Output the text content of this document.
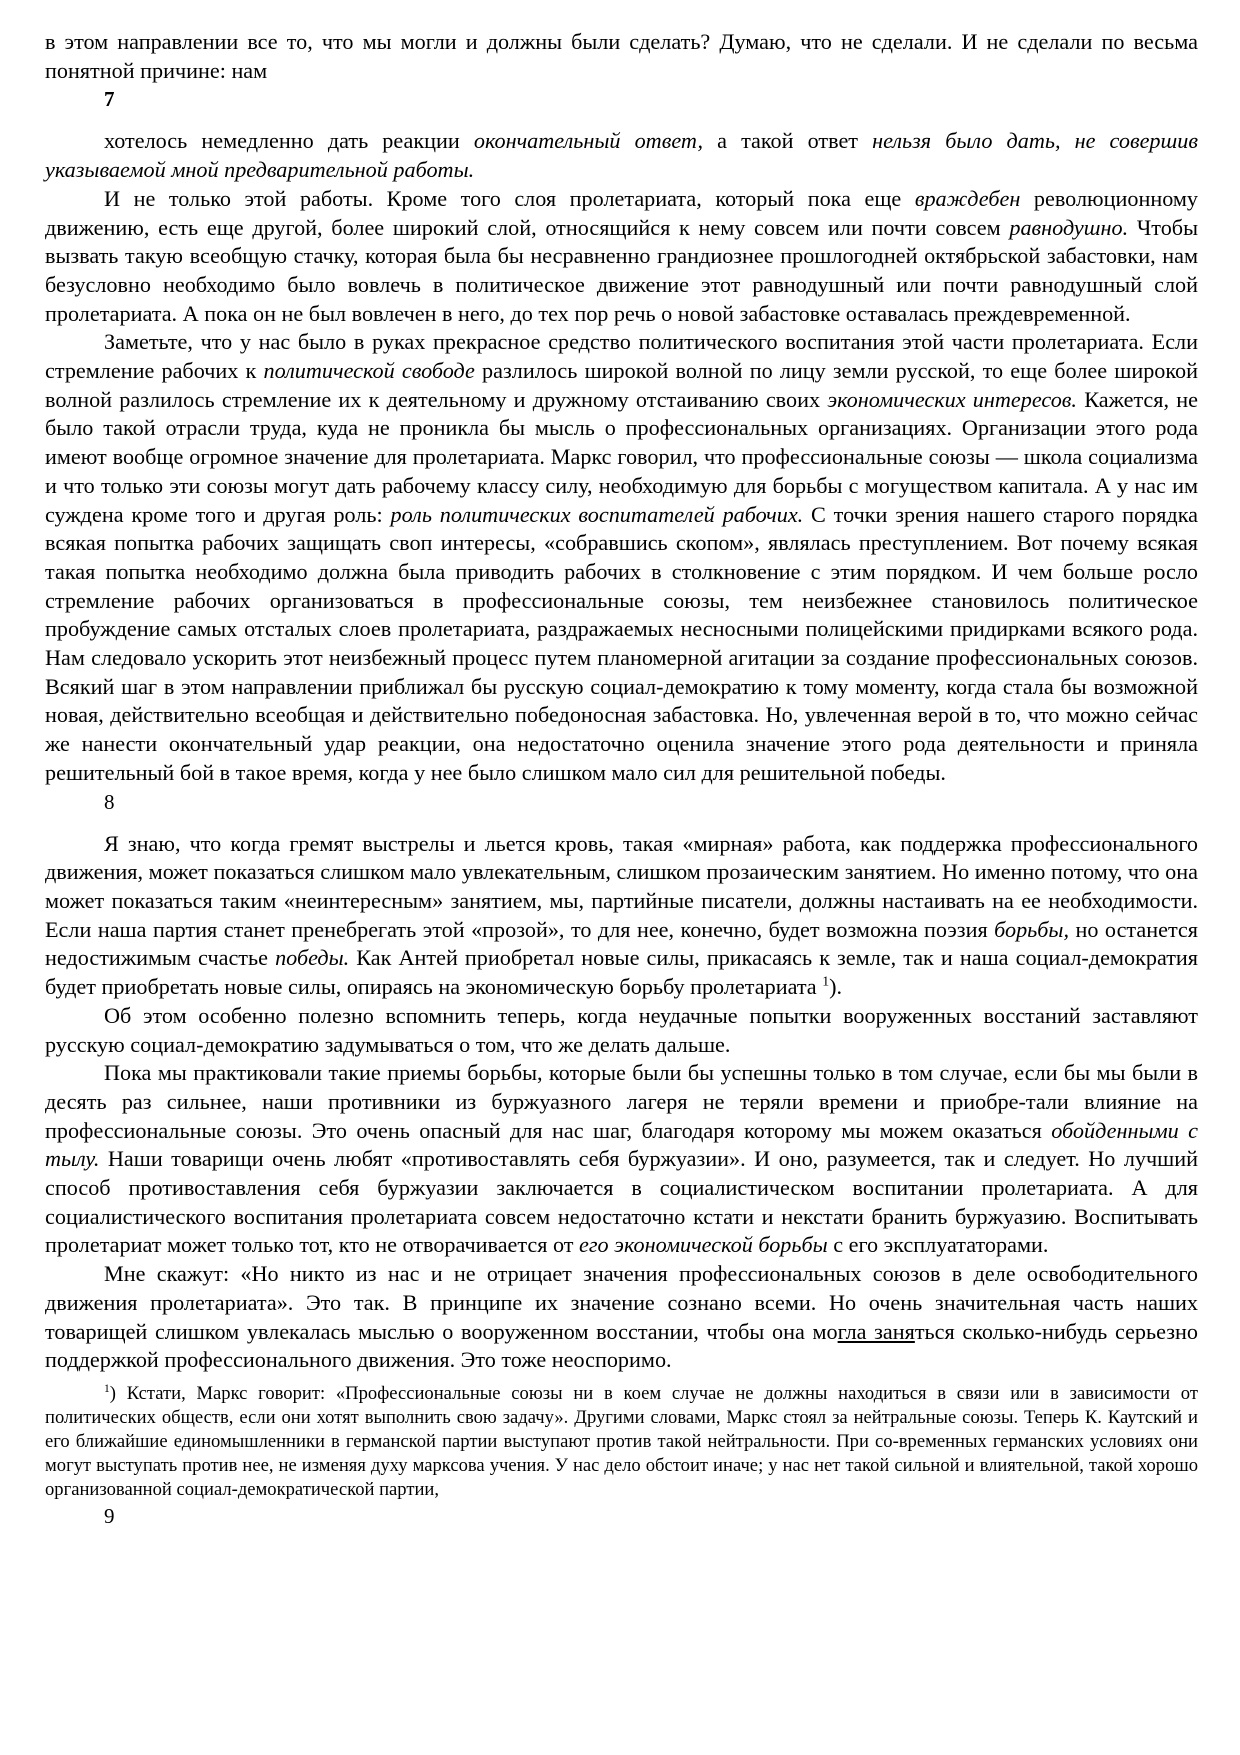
в этом направлении все то, что мы могли и должны были сделать? Думаю, что не сделали. И не сделали по весьма понятной причине: нам

7

хотелось немедленно дать реакции окончательный ответ, а такой ответ нельзя было дать, не совершив указываемой мной предварительной работы.

И не только этой работы. Кроме того слоя пролетариата, который пока еще враждебен революционному движению, есть еще другой, более широкий слой, относящийся к нему совсем или почти совсем равнодушно. Чтобы вызвать такую всеобщую стачку, которая была бы несравненно грандиознее прошлогодней октябрьской забастовки, нам безусловно необходимо было вовлечь в политическое движение этот равнодушный или почти равнодушный слой пролетариата. А пока он не был вовлечен в него, до тех пор речь о новой забастовке оставалась преждевременной.

Заметьте, что у нас было в руках прекрасное средство политического воспитания этой части пролетариата. Если стремление рабочих к политической свободе разлилось широкой волной по лицу земли русской, то еще более широкой волной разлилось стремление их к деятельному и дружному отстаиванию своих экономических интересов. Кажется, не было такой отрасли труда, куда не проникла бы мысль о профессиональных организациях. Организации этого рода имеют вообще огромное значение для пролетариата. Маркс говорил, что профессиональные союзы — школа социализма и что только эти союзы могут дать рабочему классу силу, необходимую для борьбы с могуществом капитала. А у нас им суждена кроме того и другая роль: роль политических воспитателей рабочих. С точки зрения нашего старого порядка всякая попытка рабочих защищать своп интересы, «собравшись скопом», являлась преступлением. Вот почему всякая такая попытка необходимо должна была приводить рабочих в столкновение с этим порядком. И чем больше росло стремление рабочих организоваться в профессиональные союзы, тем неизбежнее становилось политическое пробуждение самых отсталых слоев пролетариата, раздражаемых несносными полицейскими придирками всякого рода. Нам следовало ускорить этот неизбежный процесс путем планомерной агитации за создание профессиональных союзов. Всякий шаг в этом направлении приближал бы русскую социал-демократию к тому моменту, когда стала бы возможной новая, действительно всеобщая и действительно победоносная забастовка. Но, увлеченная верой в то, что можно сейчас же нанести окончательный удар реакции, она недостаточно оценила значение этого рода деятельности и приняла решительный бой в такое время, когда у нее было слишком мало сил для решительной победы.

8

Я знаю, что когда гремят выстрелы и льется кровь, такая «мирная» работа, как поддержка профессионального движения, может показаться слишком мало увлекательным, слишком прозаическим занятием. Но именно потому, что она может показаться таким «неинтересным» занятием, мы, партийные писатели, должны настаивать на ее необходимости. Если наша партия станет пренебрегать этой «прозой», то для нее, конечно, будет возможна поэзия борьбы, но останется недостижимым счастье победы. Как Антей приобретал новые силы, прикасаясь к земле, так и наша социал-демократия будет приобретать новые силы, опираясь на экономическую борьбу пролетариата $^1$).

Об этом особенно полезно вспомнить теперь, когда неудачные попытки вооруженных восстаний заставляют русскую социал-демократию задумываться о том, что же делать дальше.

Пока мы практиковали такие приемы борьбы, которые были бы успешны только в том случае, если бы мы были в десять раз сильнее, наши противники из буржуазного лагеря не теряли времени и приобре-тали влияние на профессиональные союзы. Это очень опасный для нас шаг, благодаря которому мы можем оказаться обойденными с тылу. Наши товарищи очень любят «противоставлять себя буржуазии». И оно, разумеется, так и следует. Но лучший способ противоставления себя буржуазии заключается в социалистическом воспитании пролетариата. А для социалистического воспитания пролетариата совсем недостаточно кстати и некстати бранить буржуазию. Воспитывать пролетариат может только тот, кто не отворачивается от его экономической борьбы с его эксплуататорами.

Мне скажут: «Но никто из нас и не отрицает значения профессиональных союзов в деле освободительного движения пролетариата». Это так. В принципе их значение сознано всеми. Но очень значительная часть наших товарищей слишком увлекалась мыслью о вооруженном восстании, чтобы она могла заняться сколько-нибудь серьезно поддержкой профессионального движения. Это тоже неоспоримо.

$^1$) Кстати, Маркс говорит: «Профессиональные союзы ни в коем случае не должны находиться в связи или в зависимости от политических обществ, если они хотят выполнить свою задачу». Другими словами, Маркс стоял за нейтральные союзы. Теперь К. Каутский и его ближайшие единомышленники в германской партии выступают против такой нейтральности. При со-временных германских условиях они могут выступать против нее, не изменяя духу марксова учения. У нас дело обстоит иначе; у нас нет такой сильной и влиятельной, такой хорошо организованной социал-демократической партии,

9
